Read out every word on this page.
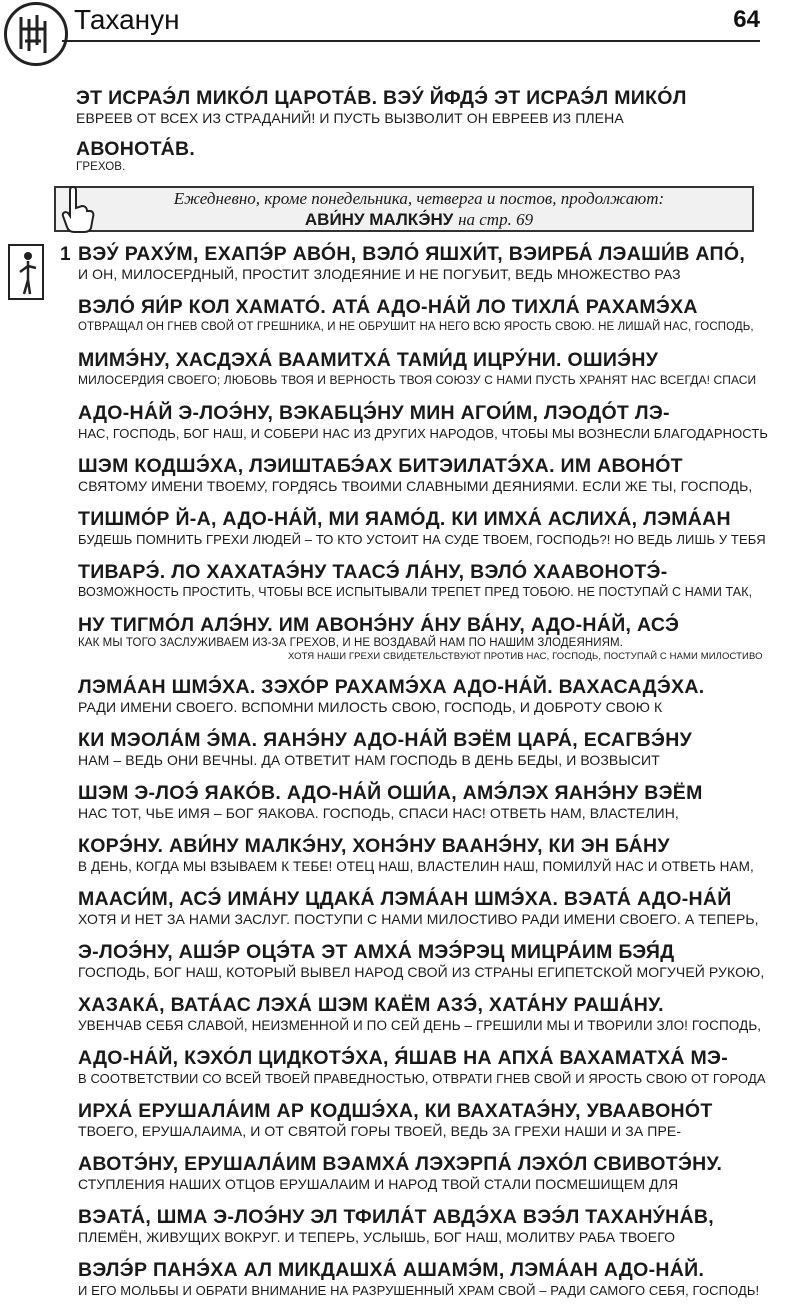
Таханун	64
ЭТ ИСРАЭ́Л МИКО́Л ЦАРОТА́В. ВЭУ́ ЙФДЭ́ ЭТ ИСРАЭ́Л МИКО́Л
ЕВРЕЕВ ОТ ВСЕХ ИЗ СТРАДАНИЙ! И ПУСТЬ ВЫЗВОЛИТ ОН ЕВРЕЕВ ИЗ ПЛЕНА
АВОНОТА́В.
ГРЕХОВ.
Ежедневно, кроме понедельника, четверга и постов, продолжают:
АВИ́НУ МАЛКЭ́НУ на стр. 69
1 ВЭУ́ РАХУ́М, ЕХАПЭ́Р АВО́Н, ВЭЛО́ ЯШХИ́Т, ВЭИРБА́ ЛЭАШИ́В АПО́,
И ОН, МИЛОСЕРДНЫЙ, ПРОСТИТ ЗЛОДЕЯНИЕ И НЕ ПОГУБИТ, ВЕДЬ МНОЖЕСТВО РАЗ
ВЭЛО́ ЯИ́Р КОЛ ХАМАТО́. АТА́ АДО-НА́Й ЛО ТИХЛА́ РАХАМЭ́ХА
ОТВРАЩАЛ ОН ГНЕВ СВОЙ ОТ ГРЕШНИКА, И НЕ ОБРУШИТ НА НЕГО ВСЮ ЯРОСТЬ СВОЮ. НЕ ЛИШАЙ НАС, ГОСПОДЬ,
МИМЭ́НУ, ХАСДЭХА́ ВААМИТХА́ ТАМИ́Д ИЦРУ́НИ. ОШИЭ́НУ
МИЛОСЕРДИЯ СВОЕГО; ЛЮБОВЬ ТВОЯ И ВЕРНОСТЬ ТВОЯ СОЮЗУ С НАМИ ПУСТЬ ХРАНЯТ НАС ВСЕГДА! СПАСИ
АДО-НА́Й Э-ЛОЭ́НУ, ВЭКАБЦЭ́НУ МИН АГОИ́М, ЛЭОДО́Т ЛЭ-
НАС, ГОСПОДЬ, БОГ НАШ, И СОБЕРИ НАС ИЗ ДРУГИХ НАРОДОВ, ЧТОБЫ МЫ ВОЗНЕСЛИ БЛАГОДАРНОСТЬ
ШЭМ КОДШЭ́ХА, ЛЭИШТАБЭ́АХ БИТЭИЛАТЭ́ХА. ИМ АВОНО́Т
СВЯТОМУ ИМЕНИ ТВОЕМУ, ГОРДЯСЬ ТВОИМИ СЛАВНЫМИ ДЕЯНИЯМИ. ЕСЛИ ЖЕ ТЫ, ГОСПОДЬ,
ТИШМО́Р Й-А, АДО-НА́Й, МИ ЯАМО́Д. КИ ИМХА́ АСЛИХА́, ЛЭМА́АН
БУДЕШЬ ПОМНИТЬ ГРЕХИ ЛЮДЕЙ – ТО КТО УСТОИТ НА СУДЕ ТВОЕМ, ГОСПОДЬ?! НО ВЕДЬ ЛИШЬ У ТЕБЯ
ТИВАРЭ́. ЛО ХАХАТАЭ́НУ ТААСЭ́ ЛА́НУ, ВЭЛО́ ХААВОНОТЭ́-
ВОЗМОЖНОСТЬ ПРОСТИТЬ, ЧТОБЫ ВСЕ ИСПЫТЫВАЛИ ТРЕПЕТ ПРЕД ТОБОЮ. НЕ ПОСТУПАЙ С НАМИ ТАК,
НУ ТИГМО́Л АЛЭ́НУ. ИМ АВОНЭ́НУ А́НУ ВА́НУ, АДО-НА́Й, АСЭ́
КАК МЫ ТОГО ЗАСЛУЖИВАЕМ ИЗ-ЗА ГРЕХОВ, И НЕ ВОЗДАВАЙ НАМ ПО НАШИМ ЗЛОДЕЯНИЯМ.
ХОТЯ НАШИ ГРЕХИ СВИДЕТЕЛЬСТВУЮТ ПРОТИВ НАС, ГОСПОДЬ, ПОСТУПАЙ С НАМИ МИЛОСТИВО
ЛЭМА́АН ШМЭ́ХА. ЗЭХО́Р РАХАМЭ́ХА АДО-НА́Й. ВАХАСАДЭ́ХА.
РАДИ ИМЕНИ СВОЕГО. ВСПОМНИ МИЛОСТЬ СВОЮ, ГОСПОДЬ, И ДОБРОТУ СВОЮ К
КИ МЭОЛА́М Э́МА. ЯАНЭ́НУ АДО-НА́Й ВЭЁМ ЦАРА́, ЕСАГВЭ́НУ
НАМ – ВЕДЬ ОНИ ВЕЧНЫ. ДА ОТВЕТИТ НАМ ГОСПОДЬ В ДЕНЬ БЕДЫ, И ВОЗВЫСИТ
ШЭМ Э-ЛОЭ́ ЯАКО́В. АДО-НА́Й ОШИ́А, АМЭ́ЛЭХ ЯАНЭ́НУ ВЭЁМ
НАС ТОТ, ЧЬЕ ИМЯ – БОГ ЯАКОВА. ГОСПОДЬ, СПАСИ НАС! ОТВЕТЬ НАМ, ВЛАСТЕЛИН,
КОРЭ́НУ. АВИ́НУ МАЛКЭ́НУ, ХОНЭ́НУ ВААНЭ́НУ, КИ ЭН БА́НУ
В ДЕНЬ, КОГДА МЫ ВЗЫВАЕМ К ТЕБЕ! ОТЕЦ НАШ, ВЛАСТЕЛИН НАШ, ПОМИЛУЙ НАС И ОТВЕТЬ НАМ,
МААСИ́М, АСЭ́ ИМА́НУ ЦДАКА́ ЛЭМА́АН ШМЭ́ХА. ВЭАТА́ АДО-НА́Й
ХОТЯ И НЕТ ЗА НАМИ ЗАСЛУГ. ПОСТУПИ С НАМИ МИЛОСТИВО РАДИ ИМЕНИ СВОЕГО. А ТЕПЕРЬ,
Э-ЛОЭ́НУ, АШЭ́Р ОЦЭ́ТА ЭТ АМХА́ МЭЭ́РЭЦ МИЦРА́ИМ БЭЯ́Д
ГОСПОДЬ, БОГ НАШ, КОТОРЫЙ ВЫВЕЛ НАРОД СВОЙ ИЗ СТРАНЫ ЕГИПЕТСКОЙ МОГУЧЕЙ РУКОЮ,
ХАЗАКА́, ВАТА́АС ЛЭХА́ ШЭМ КАЁМ АЗЭ́, ХАТА́НУ РАША́НУ.
УВЕНЧАВ СЕБЯ СЛАВОЙ, НЕИЗМЕННОЙ И ПО СЕЙ ДЕНЬ – ГРЕШИЛИ МЫ И ТВОРИЛИ ЗЛО! ГОСПОДЬ,
АДО-НА́Й, КЭХО́Л ЦИДКОТЭ́ХА, Я́ШАВ НА АПХА́ ВАХАМАТХА́ МЭ-
В СООТВЕТСТВИИ СО ВСЕЙ ТВОЕЙ ПРАВЕДНОСТЬЮ, ОТВРАТИ ГНЕВ СВОЙ И ЯРОСТЬ СВОЮ ОТ ГОРОДА
ИРХА́ ЕРУШАЛА́ИМ АР КОДШЭ́ХА, КИ ВАХАТАЭ́НУ, УВААВОНО́Т
ТВОЕГО, ЕРУШАЛАИМА, И ОТ СВЯТОЙ ГОРЫ ТВОЕЙ, ВЕДЬ ЗА ГРЕХИ НАШИ И ЗА ПРЕ-
АВОТЭ́НУ, ЕРУШАЛА́ИМ ВЭАМХА́ ЛЭХЭРПА́ ЛЭХО́Л СВИВОТЭ́НУ.
СТУПЛЕНИЯ НАШИХ ОТЦОВ ЕРУШАЛАИМ И НАРОД ТВОЙ СТАЛИ ПОСМЕШИЩЕМ ДЛЯ
ВЭАТА́, ШМА Э-ЛОЭ́НУ ЭЛ ТФИЛА́Т АВДЭ́ХА ВЭЭ́Л ТАХАНУ́НА́В,
ПЛЕМЁН, ЖИВУЩИХ ВОКРУГ. И ТЕПЕРЬ, УСЛЫШЬ, БОГ НАШ, МОЛИТВУ РАБА ТВОЕГО
ВЭЛЭ́Р ПАНЭ́ХА АЛ МИКДАШХА́ АШАМЭ́М, ЛЭМА́АН АДО-НА́Й.
И ЕГО МОЛЬБЫ И ОБРАТИ ВНИМАНИЕ НА РАЗРУШЕННЫЙ ХРАМ СВОЙ – РАДИ САМОГО СЕБЯ, ГОСПОДЬ!
